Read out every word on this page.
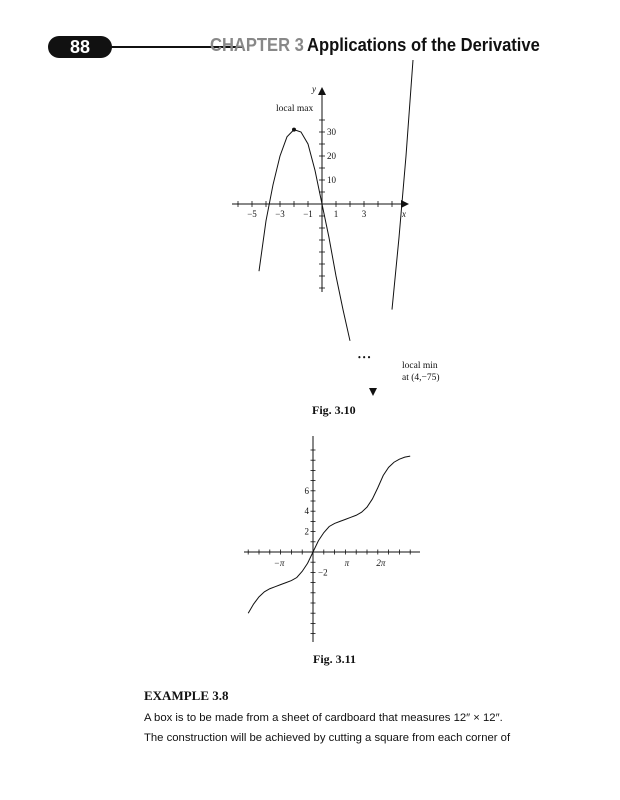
88	CHAPTER 3 Applications of the Derivative
−5 −3 −1 1	3
10
20
30
x
y
local max
• • •
local min
at (4,−75)
Fig. 3.10
−π	π	2π
6
4
2
−2
Fig. 3.11
EXAMPLE 3.8
A box is to be made from a sheet of cardboard that measures 12″ × 12″.
The construction will be achieved by cutting a square from each corner of
